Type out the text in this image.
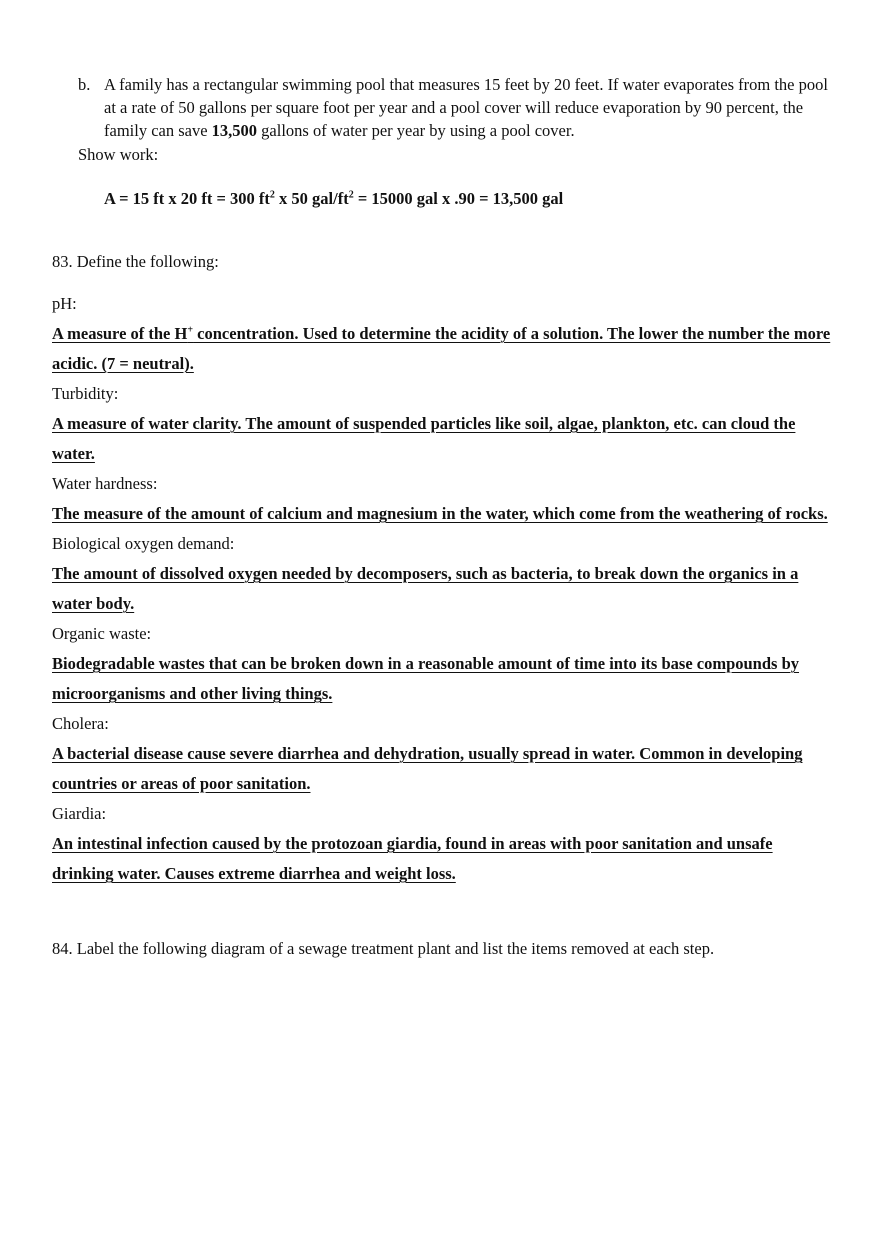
b. A family has a rectangular swimming pool that measures 15 feet by 20 feet. If water evaporates from the pool at a rate of 50 gallons per square foot per year and a pool cover will reduce evaporation by 90 percent, the family can save 13,500 gallons of water per year by using a pool cover.
Show work:
A = 15 ft x 20 ft = 300 $ft^2$ x 50 gal/$ft^2 = 15000$ gal x .90 = 13,500 gal
83. Define the following:
pH:
A measure of the H+ concentration. Used to determine the acidity of a solution. The lower the number the more acidic. (7 = neutral).
Turbidity:
A measure of water clarity. The amount of suspended particles like soil, algae, plankton, etc. can cloud the water.
Water hardness:
The measure of the amount of calcium and magnesium in the water, which come from the weathering of rocks.
Biological oxygen demand:
The amount of dissolved oxygen needed by decomposers, such as bacteria, to break down the organics in a water body.
Organic waste:
Biodegradable wastes that can be broken down in a reasonable amount of time into its base compounds by microorganisms and other living things.
Cholera:
A bacterial disease cause severe diarrhea and dehydration, usually spread in water. Common in developing countries or areas of poor sanitation.
Giardia:
An intestinal infection caused by the protozoan giardia, found in areas with poor sanitation and unsafe drinking water. Causes extreme diarrhea and weight loss.
84. Label the following diagram of a sewage treatment plant and list the items removed at each step.
